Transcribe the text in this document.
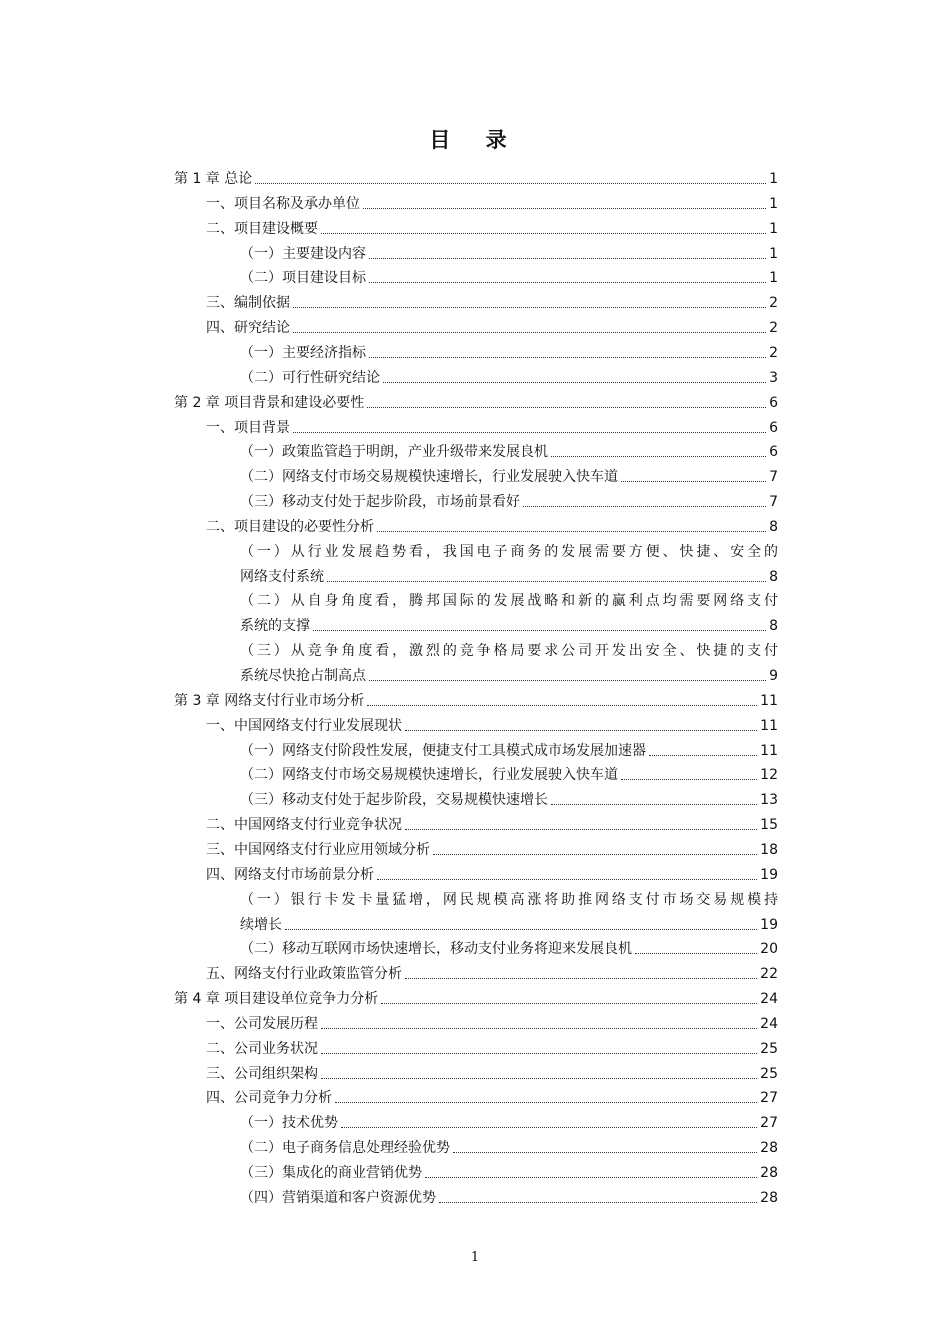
目 录
第 1 章 总论	1
一、项目名称及承办单位	1
二、项目建设概要	1
（一）主要建设内容	1
（二）项目建设目标	1
三、编制依据	2
四、研究结论	2
（一）主要经济指标	2
（二）可行性研究结论	3
第 2 章 项目背景和建设必要性	6
一、项目背景	6
（一）政策监管趋于明朗，产业升级带来发展良机	6
（二）网络支付市场交易规模快速增长，行业发展驶入快车道	7
（三）移动支付处于起步阶段，市场前景看好	7
二、项目建设的必要性分析	8
（一）从行业发展趋势看，我国电子商务的发展需要方便、快捷、安全的
网络支付系统	8
（二）从自身角度看，腾邦国际的发展战略和新的赢利点均需要网络支付
系统的支撑	8
（三）从竞争角度看，激烈的竞争格局要求公司开发出安全、快捷的支付
系统尽快抢占制高点	9
第 3 章 网络支付行业市场分析	11
一、中国网络支付行业发展现状	11
（一）网络支付阶段性发展，便捷支付工具模式成市场发展加速器	11
（二）网络支付市场交易规模快速增长，行业发展驶入快车道	12
（三）移动支付处于起步阶段，交易规模快速增长	13
二、中国网络支付行业竞争状况	15
三、中国网络支付行业应用领域分析	18
四、网络支付市场前景分析	19
（一）银行卡发卡量猛增，网民规模高涨将助推网络支付市场交易规模持
续增长	19
（二）移动互联网市场快速增长，移动支付业务将迎来发展良机	20
五、网络支付行业政策监管分析	22
第 4 章 项目建设单位竞争力分析	24
一、公司发展历程	24
二、公司业务状况	25
三、公司组织架构	25
四、公司竞争力分析	27
（一）技术优势	27
（二）电子商务信息处理经验优势	28
（三）集成化的商业营销优势	28
（四）营销渠道和客户资源优势	28
1
